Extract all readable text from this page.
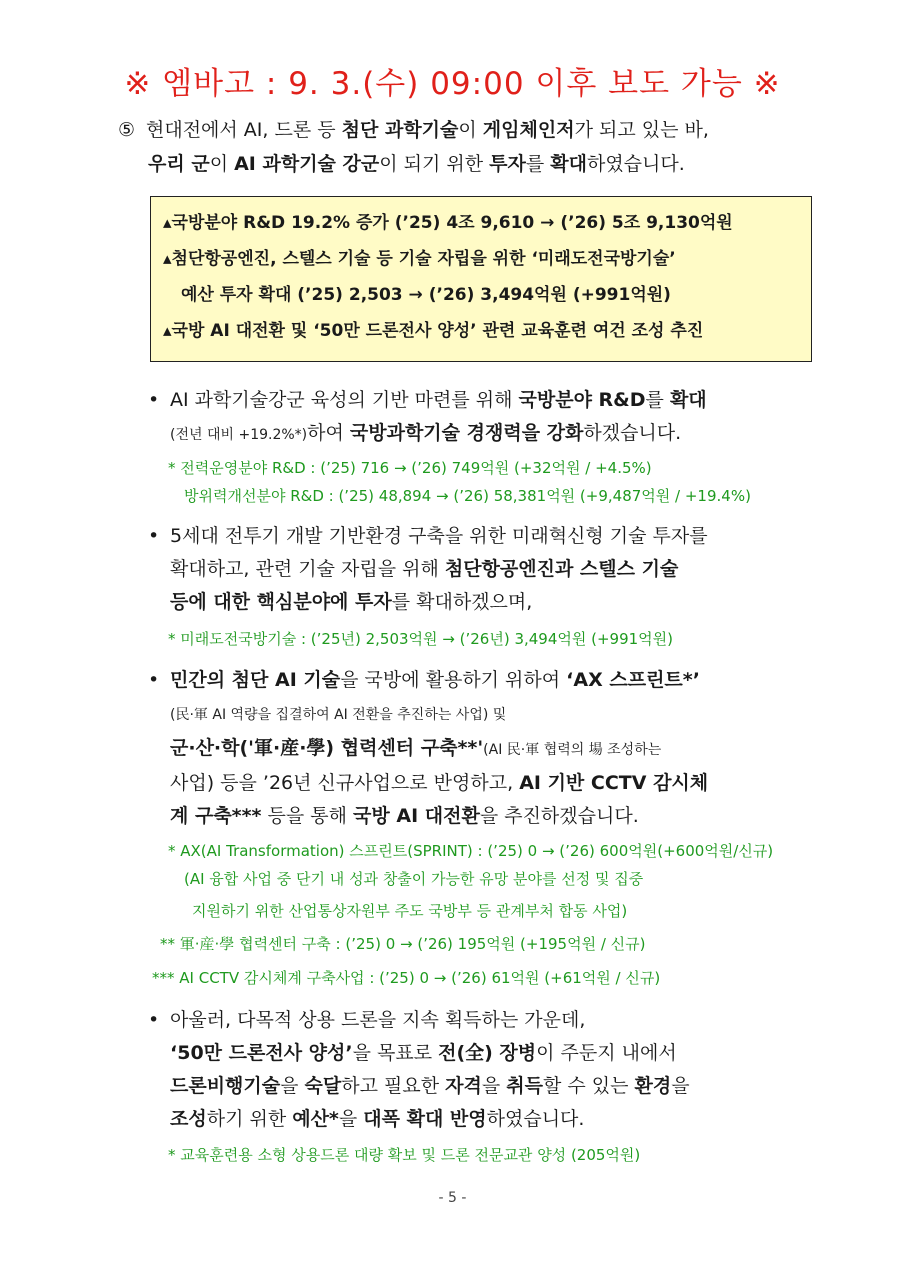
※ 엠바고 : 9. 3.(수) 09:00 이후 보도 가능 ※
⑤ 현대전에서 AI, 드론 등 첨단 과학기술이 게임체인저가 되고 있는 바,
우리 군이 AI 과학기술 강군이 되기 위한 투자를 확대하였습니다.
▴국방분야 R&D 19.2% 증가 (’25) 4조 9,610 → (’26) 5조 9,130억원
▴첨단항공엔진, 스텔스 기술 등 기술 자립을 위한 ‘미래도전국방기술’
예산 투자 확대 (’25) 2,503 → (’26) 3,494억원 (+991억원)
▴국방 AI 대전환 및 ‘50만 드론전사 양성’ 관련 교육훈련 여건 조성 추진
• AI 과학기술강군 육성의 기반 마련를 위해 국방분야 R&D를 확대
(전년 대비 +19.2%*)하여 국방과학기술 경쟁력을 강화하겠습니다.
* 전력운영분야 R&D : (’25) 716 → (’26) 749억원 (+32억원 / +4.5%)
방위력개선분야 R&D : (’25) 48,894 → (’26) 58,381억원 (+9,487억원 / +19.4%)
• 5세대 전투기 개발 기반환경 구축을 위한 미래혁신형 기술 투자를
확대하고, 관련 기술 자립을 위해 첨단항공엔진과 스텔스 기술
등에 대한 핵심분야에 투자를 확대하겠으며,
* 미래도전국방기술 : (’25년) 2,503억원 → (’26년) 3,494억원 (+991억원)
• 민간의 첨단 AI 기술을 국방에 활용하기 위하여 ‘AX 스프린트*’
(民·軍 AI 역량을 집결하여 AI 전환을 추진하는 사업) 및
군·산·학('軍·産·學) 협력센터 구축**'(AI 民·軍 협력의 場 조성하는
사업) 등을 ’26년 신규사업으로 반영하고, AI 기반 CCTV 감시체
계 구축*** 등을 통해 국방 AI 대전환을 추진하겠습니다.
* AX(AI Transformation) 스프린트(SPRINT) : (’25) 0 → (’26) 600억원(+600억원/신규)
(AI 융합 사업 중 단기 내 성과 창출이 가능한 유망 분야를 선정 및 집중
지원하기 위한 산업통상자원부 주도 국방부 등 관계부처 합동 사업)
** 軍·産·學 협력센터 구축 : (’25) 0 → (’26) 195억원 (+195억원 / 신규)
*** AI CCTV 감시체계 구축사업 : (’25) 0 → (’26) 61억원 (+61억원 / 신규)
• 아울러, 다목적 상용 드론을 지속 획득하는 가운데,
‘50만 드론전사 양성’을 목표로 전(全) 장병이 주둔지 내에서
드론비행기술을 숙달하고 필요한 자격을 취득할 수 있는 환경을
조성하기 위한 예산*을 대폭 확대 반영하였습니다.
* 교육훈련용 소형 상용드론 대량 확보 및 드론 전문교관 양성 (205억원)
- 5 -
